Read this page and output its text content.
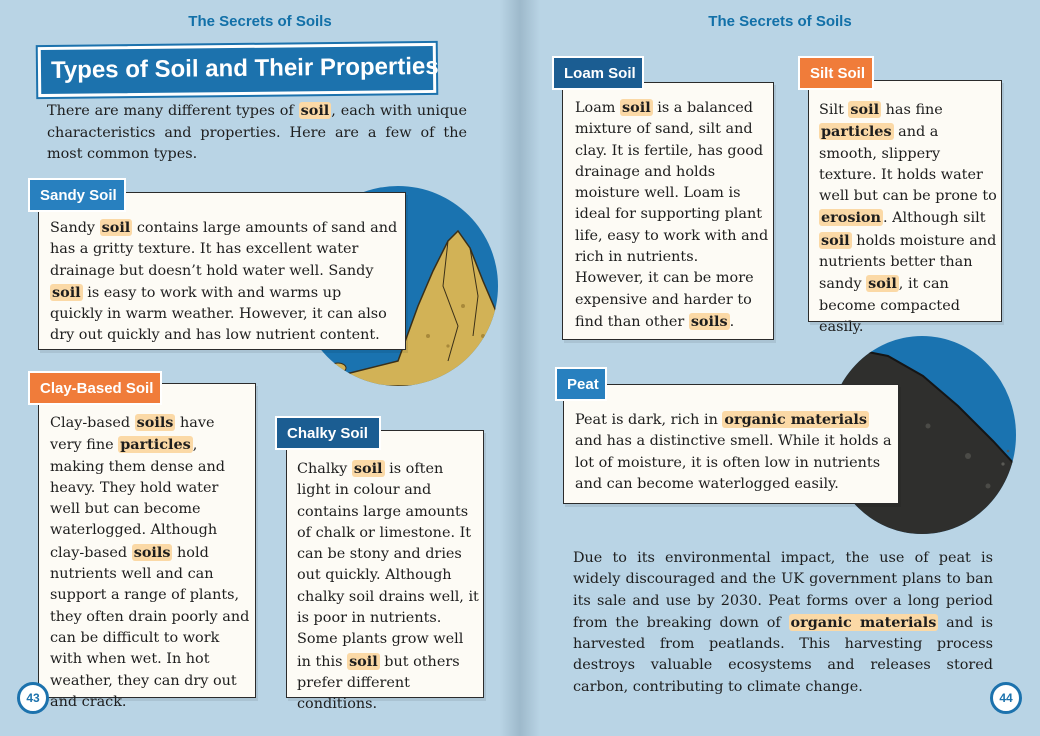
The Secrets of Soils
Types of Soil and Their Properties

There are many different types of soil , each with unique characteristics and properties. Here are a few of the most common types.

Sandy soil contains large amounts of sand and has a gritty texture. It has excellent water drainage but doesn’t hold water well. Sandy soil is easy to work with and warms up quickly in warm weather. However, it can also dry out quickly and has low nutrient content.

Sandy Soil

Clay-based soils have very fine particles , making them dense and heavy. They hold water well but can become waterlogged. Although clay-based soils hold nutrients well and can support a range of plants, they often drain poorly and can be difficult to work with when wet. In hot weather, they can dry out and crack.

Clay-Based Soil

Chalky soil is often light in colour and contains large amounts of chalk or limestone. It can be stony and dries out quickly. Although chalky soil drains well, it is poor in nutrients. Some plants grow well in this soil but others prefer different conditions.

Chalky Soil
43
The Secrets of Soils

Loam soil is a balanced mixture of sand, silt and clay. It is fertile, has good drainage and holds moisture well. Loam is ideal for supporting plant life, easy to work with and rich in nutrients. However, it can be more expensive and harder to find than other soils .

Loam Soil

Silt soil has fine particles and a smooth, slippery texture. It holds water well but can be prone to erosion . Although silt soil holds moisture and nutrients better than sandy soil , it can become compacted easily.

Silt Soil

Peat is dark, rich in organic materials and has a distinctive smell. While it holds a lot of moisture, it is often low in nutrients and can become waterlogged easily.

Peat

Due to its environmental impact, the use of peat is widely discouraged and the UK government plans to ban its sale and use by 2030. Peat forms over a long period from the breaking down of organic materials and is harvested from peatlands. This harvesting process destroys valuable ecosystems and releases stored carbon, contributing to climate change.

44
